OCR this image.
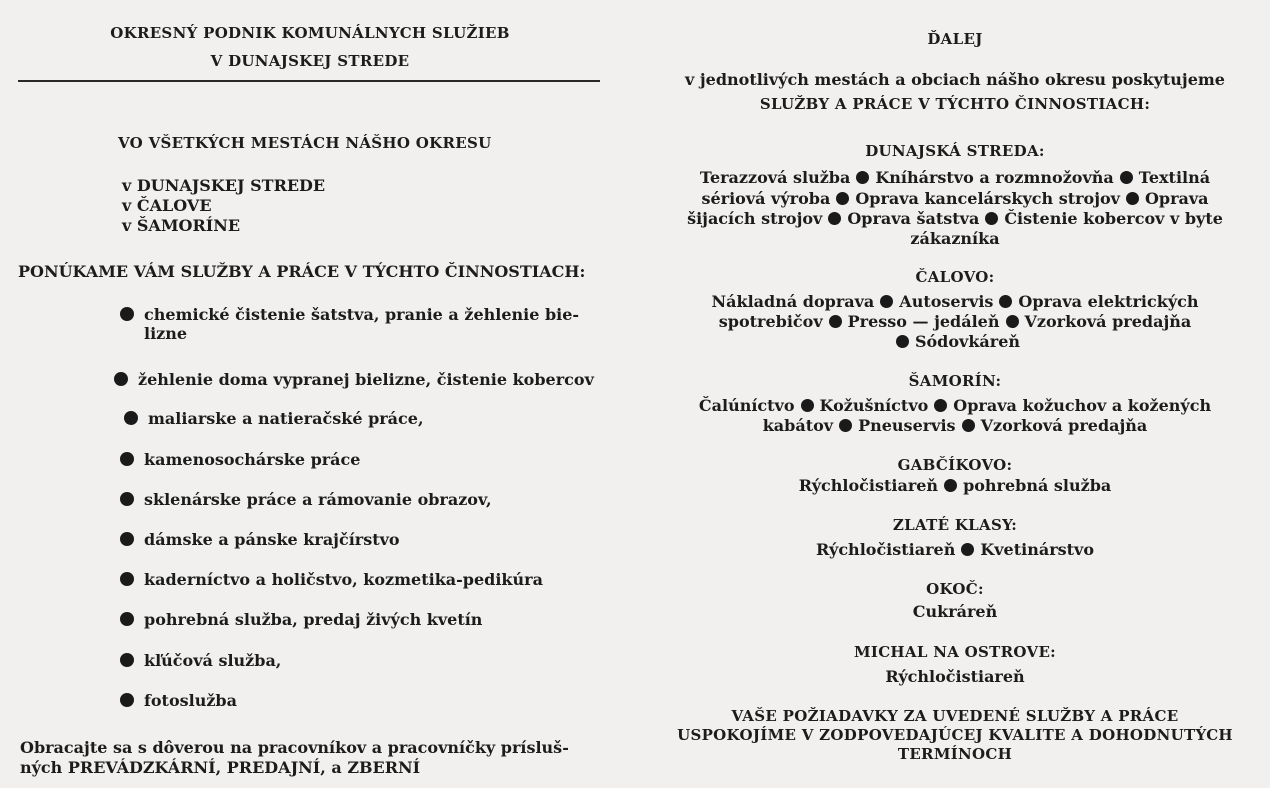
OKRESNÝ PODNIK KOMUNÁLNYCH SLUŽIEB
V DUNAJSKEJ STREDE
VO VŠETKÝCH MESTÁCH NÁŠHO OKRESU
v DUNAJSKEJ STREDE
v ČALOVE
v ŠAMORÍNE
PONÚKAME VÁM SLUŽBY A PRÁCE V TÝCHTO ČINNOSTIACH:
chemické čistenie šatstva, pranie a žehlenie bie-
lizne
žehlenie doma vypranej bielizne, čistenie kobercov
maliarske a natieračské práce,
kamenosochárske práce
sklenárske práce a rámovanie obrazov,
dámske a pánske krajčírstvo
kaderníctvo a holičstvo, kozmetika-pedikúra
pohrebná služba, predaj živých kvetín
kľúčová služba,
fotoslužba
Obracajte sa s dôverou na pracovníkov a pracovníčky prísluš-
ných PREVÁDZKÁRNÍ, PREDAJNÍ, a ZBERNÍ
ĎALEJ
v jednotlivých mestách a obciach nášho okresu poskytujeme
SLUŽBY A PRÁCE V TÝCHTO ČINNOSTIACH:
DUNAJSKÁ STREDA:
Terazzová služba Kníhárstvo a rozmnožovňa Textilná
sériová výroba Oprava kancelárskych strojov Oprava
šijacích strojov Oprava šatstva Čistenie kobercov v byte
zákazníka
ČALOVO:
Nákladná doprava Autoservis Oprava elektrických
spotrebičov Presso — jedáleň Vzorková predajňa
Sódovkáreň
ŠAMORÍN:
Čalúníctvo Kožušníctvo Oprava kožuchov a kožených
kabátov Pneuservis Vzorková predajňa
GABČÍKOVO:
Rýchločistiareň pohrebná služba
ZLATÉ KLASY:
Rýchločistiareň Kvetinárstvo
OKOČ:
Cukráreň
MICHAL NA OSTROVE:
Rýchločistiareň
VAŠE POŽIADAVKY ZA UVEDENÉ SLUŽBY A PRÁCE
USPOKOJÍME V ZODPOVEDAJÚCEJ KVALITE A DOHODNUTÝCH
TERMÍNOCH
